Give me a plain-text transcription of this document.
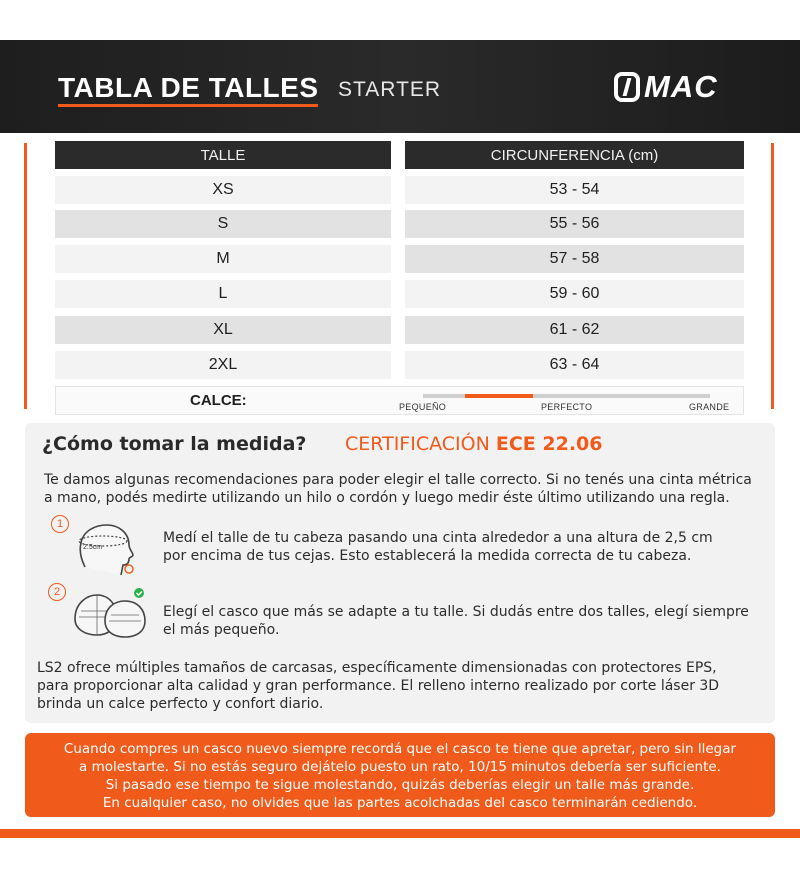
TABLA DE TALLES STARTER	MAC
TALLE	CIRCUNFERENCIA (cm)
XS	53 - 54
S	55 - 56
M	57 - 58
L	59 - 60
XL	61 - 62
2XL	63 - 64
CALCE:	PEQUEÑO	PERFECTO	GRANDE
¿Cómo tomar la medida? CERTIFICACIÓN ECE 22.06

Te damos algunas recomendaciones para poder elegir el talle correcto. Si no tenés una cinta métrica

a mano, podés medirte utilizando un hilo o cordón y luego medir éste último utilizando una regla.

1
2.5cm

Medí el talle de tu cabeza pasando una cinta alrededor a una altura de 2,5 cm

por encima de tus cejas. Esto establecerá la medida correcta de tu cabeza.

2

Elegí el casco que más se adapte a tu talle. Si dudás entre dos talles, elegí siempre

el más pequeño.

LS2 ofrece múltiples tamaños de carcasas, específicamente dimensionadas con protectores EPS,

para proporcionar alta calidad y gran performance. El relleno interno realizado por corte láser 3D

brinda un calce perfecto y confort diario.

Cuando compres un casco nuevo siempre recordá que el casco te tiene que apretar, pero sin llegar

a molestarte. Si no estás seguro dejátelo puesto un rato, 10/15 minutos debería ser suficiente.

Si pasado ese tiempo te sigue molestando, quizás deberías elegir un talle más grande.

En cualquier caso, no olvides que las partes acolchadas del casco terminarán cediendo.
